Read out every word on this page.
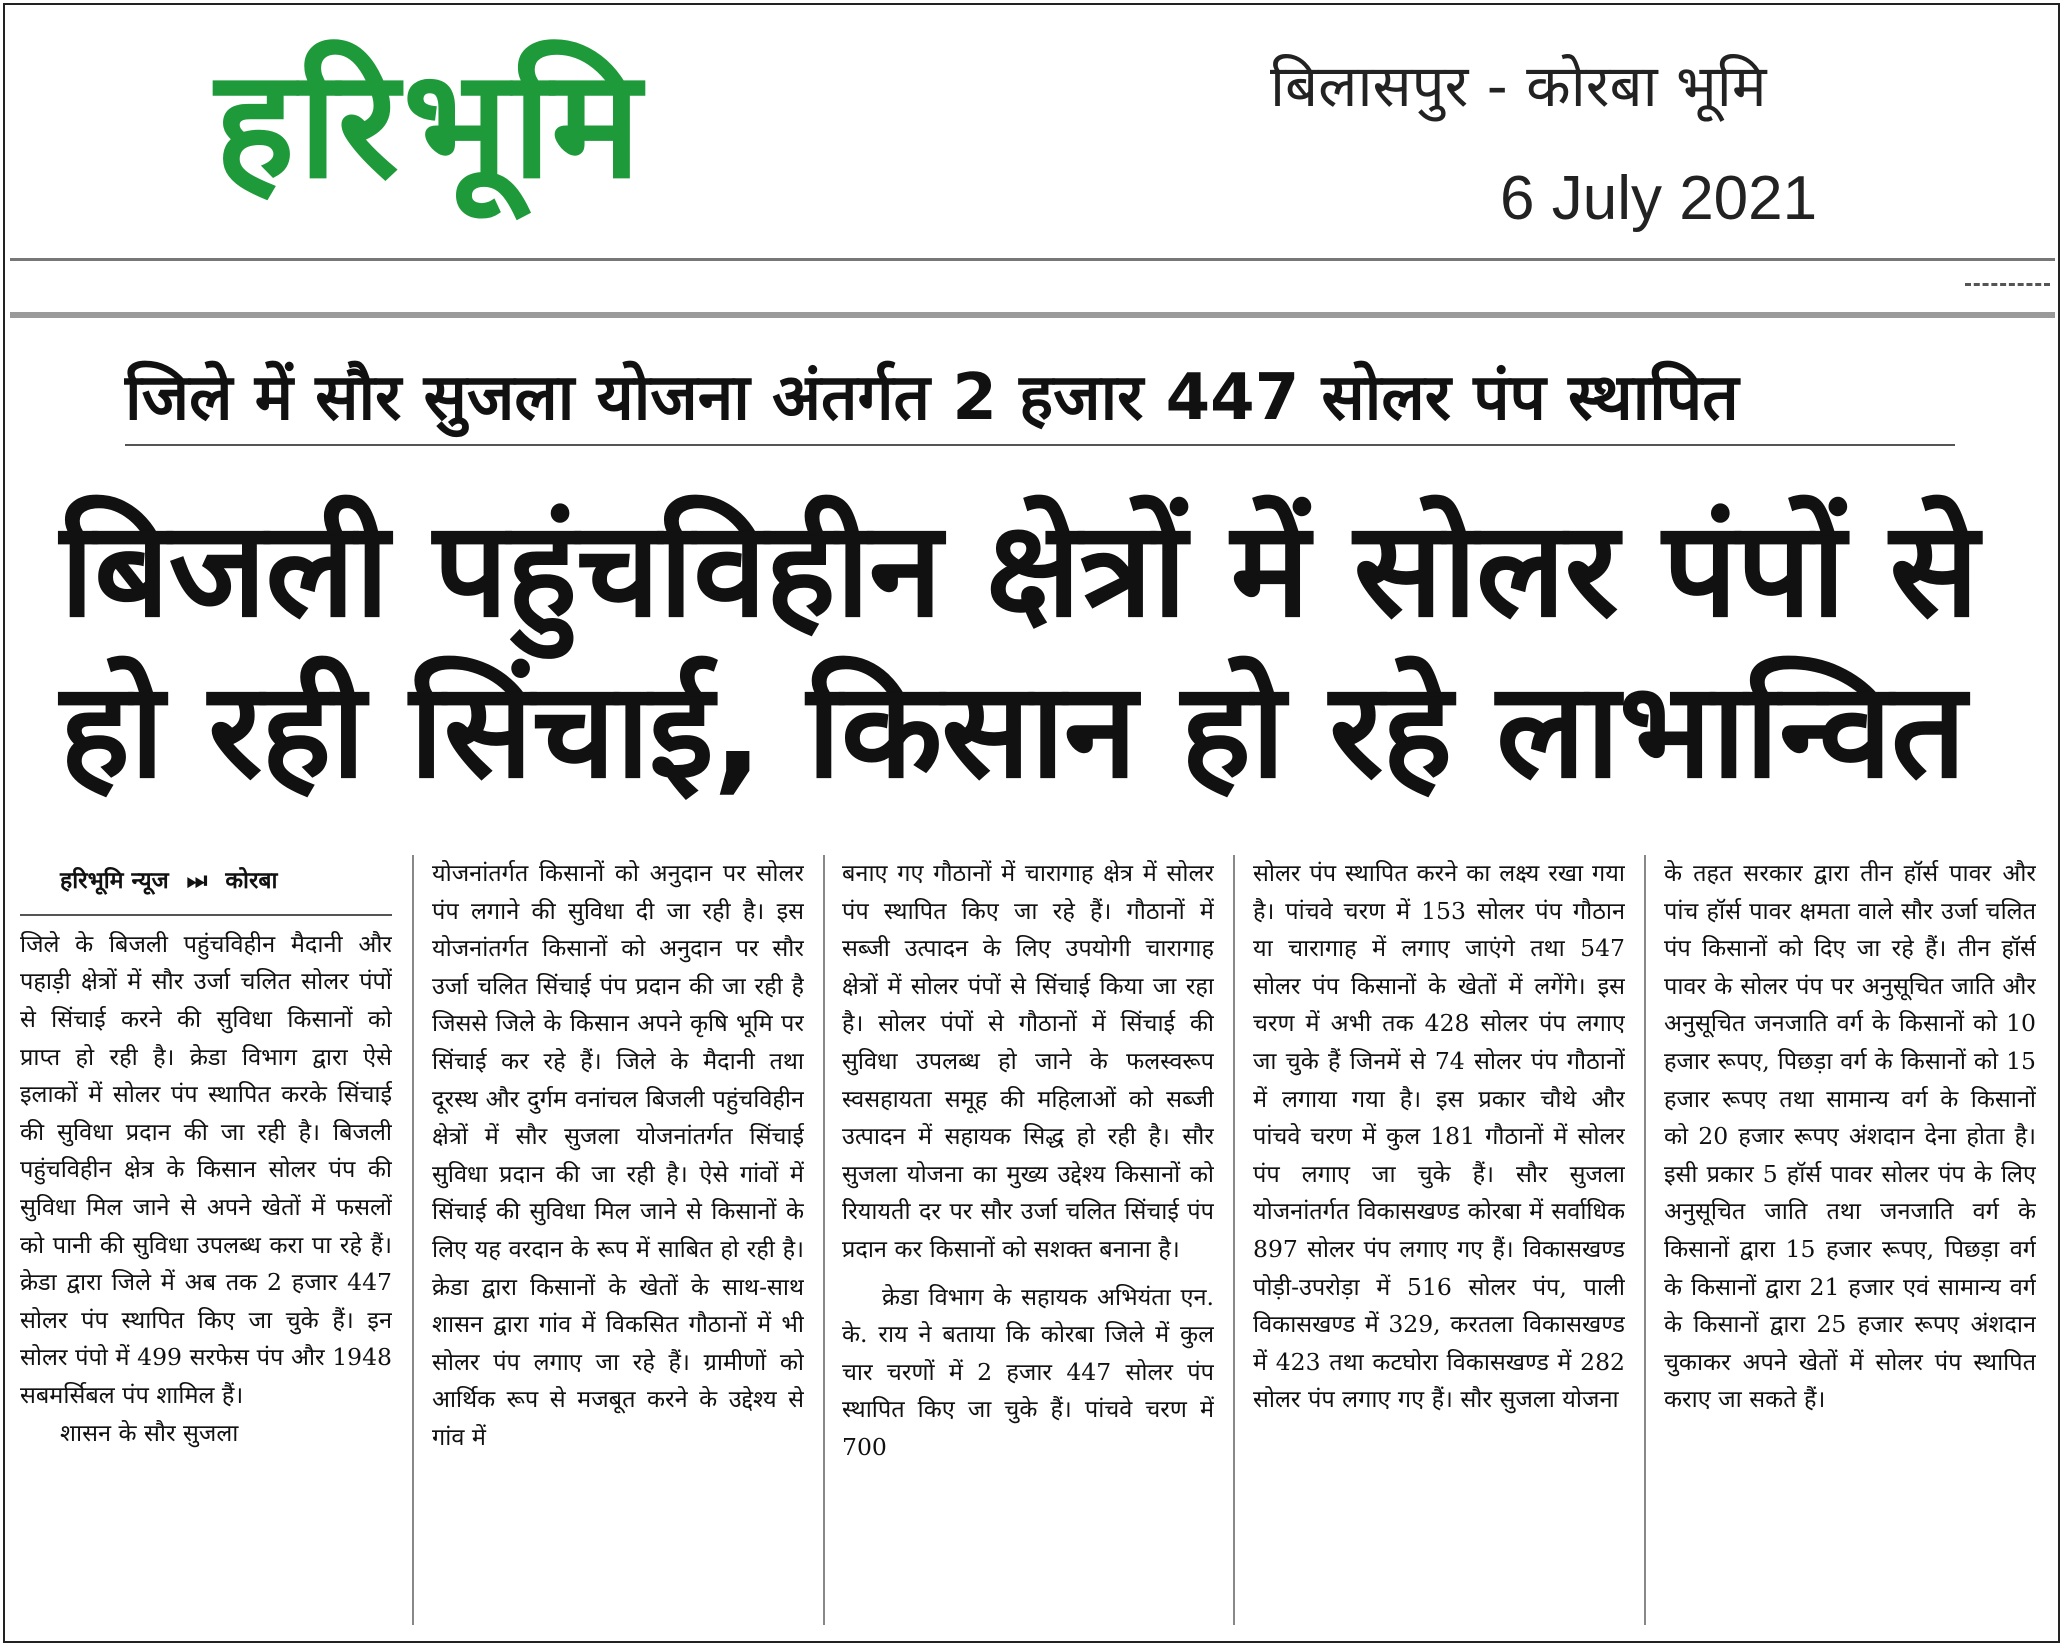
हरिभूमि	बिलासपुर - कोरबा भूमि
6 July 2021
जिले में सौर सुजला योजना अंतर्गत 2 हजार 447 सोलर पंप स्थापित
बिजली पहुंचविहीन क्षेत्रों में सोलर पंपों से
हो रही सिंचाई, किसान हो रहे लाभान्वित
हरिभूमि न्यूज ⏭ कोरबा

जिले के बिजली पहुंचविहीन मैदानी और पहाड़ी क्षेत्रों में सौर उर्जा चलित सोलर पंपों से सिंचाई करने की सुविधा किसानों को प्राप्त हो रही है। क्रेडा विभाग द्वारा ऐसे इलाकों में सोलर पंप स्थापित करके सिंचाई की सुविधा प्रदान की जा रही है। बिजली पहुंचविहीन क्षेत्र के किसान सोलर पंप की सुविधा मिल जाने से अपने खेतों में फसलों को पानी की सुविधा उपलब्ध करा पा रहे हैं। क्रेडा द्वारा जिले में अब तक 2 हजार 447 सोलर पंप स्थापित किए जा चुके हैं। इन सोलर पंपो में 499 सरफेस पंप और 1948 सबमर्सिबल पंप शामिल हैं।

शासन के सौर सुजला

योजनांतर्गत किसानों को अनुदान पर सोलर पंप लगाने की सुविधा दी जा रही है। इस योजनांतर्गत किसानों को अनुदान पर सौर उर्जा चलित सिंचाई पंप प्रदान की जा रही है जिससे जिले के किसान अपने कृषि भूमि पर सिंचाई कर रहे हैं। जिले के मैदानी तथा दूरस्थ और दुर्गम वनांचल बिजली पहुंचविहीन क्षेत्रों में सौर सुजला योजनांतर्गत सिंचाई सुविधा प्रदान की जा रही है। ऐसे गांवों में सिंचाई की सुविधा मिल जाने से किसानों के लिए यह वरदान के रूप में साबित हो रही है। क्रेडा द्वारा किसानों के खेतों के साथ-साथ शासन द्वारा गांव में विकसित गौठानों में भी सोलर पंप लगाए जा रहे हैं। ग्रामीणों को आर्थिक रूप से मजबूत करने के उद्देश्य से गांव में

बनाए गए गौठानों में चारागाह क्षेत्र में सोलर पंप स्थापित किए जा रहे हैं। गौठानों में सब्जी उत्पादन के लिए उपयोगी चारागाह क्षेत्रों में सोलर पंपों से सिंचाई किया जा रहा है। सोलर पंपों से गौठानों में सिंचाई की सुविधा उपलब्ध हो जाने के फलस्वरूप स्वसहायता समूह की महिलाओं को सब्जी उत्पादन में सहायक सिद्ध हो रही है। सौर सुजला योजना का मुख्य उद्देश्य किसानों को रियायती दर पर सौर उर्जा चलित सिंचाई पंप प्रदान कर किसानों को सशक्त बनाना है।

क्रेडा विभाग के सहायक अभियंता एन. के. राय ने बताया कि कोरबा जिले में कुल चार चरणों में 2 हजार 447 सोलर पंप स्थापित किए जा चुके हैं। पांचवे चरण में 700

सोलर पंप स्थापित करने का लक्ष्य रखा गया है। पांचवे चरण में 153 सोलर पंप गौठान या चारागाह में लगाए जाएंगे तथा 547 सोलर पंप किसानों के खेतों में लगेंगे। इस चरण में अभी तक 428 सोलर पंप लगाए जा चुके हैं जिनमें से 74 सोलर पंप गौठानों में लगाया गया है। इस प्रकार चौथे और पांचवे चरण में कुल 181 गौठानों में सोलर पंप लगाए जा चुके हैं। सौर सुजला योजनांतर्गत विकासखण्ड कोरबा में सर्वाधिक 897 सोलर पंप लगाए गए हैं। विकासखण्ड पोड़ी-उपरोड़ा में 516 सोलर पंप, पाली विकासखण्ड में 329, करतला विकासखण्ड में 423 तथा कटघोरा विकासखण्ड में 282 सोलर पंप लगाए गए हैं। सौर सुजला योजना

के तहत सरकार द्वारा तीन हॉर्स पावर और पांच हॉर्स पावर क्षमता वाले सौर उर्जा चलित पंप किसानों को दिए जा रहे हैं। तीन हॉर्स पावर के सोलर पंप पर अनुसूचित जाति और अनुसूचित जनजाति वर्ग के किसानों को 10 हजार रूपए, पिछड़ा वर्ग के किसानों को 15 हजार रूपए तथा सामान्य वर्ग के किसानों को 20 हजार रूपए अंशदान देना होता है। इसी प्रकार 5 हॉर्स पावर सोलर पंप के लिए अनुसूचित जाति तथा जनजाति वर्ग के किसानों द्वारा 15 हजार रूपए, पिछड़ा वर्ग के किसानों द्वारा 21 हजार एवं सामान्य वर्ग के किसानों द्वारा 25 हजार रूपए अंशदान चुकाकर अपने खेतों में सोलर पंप स्थापित कराए जा सकते हैं।
